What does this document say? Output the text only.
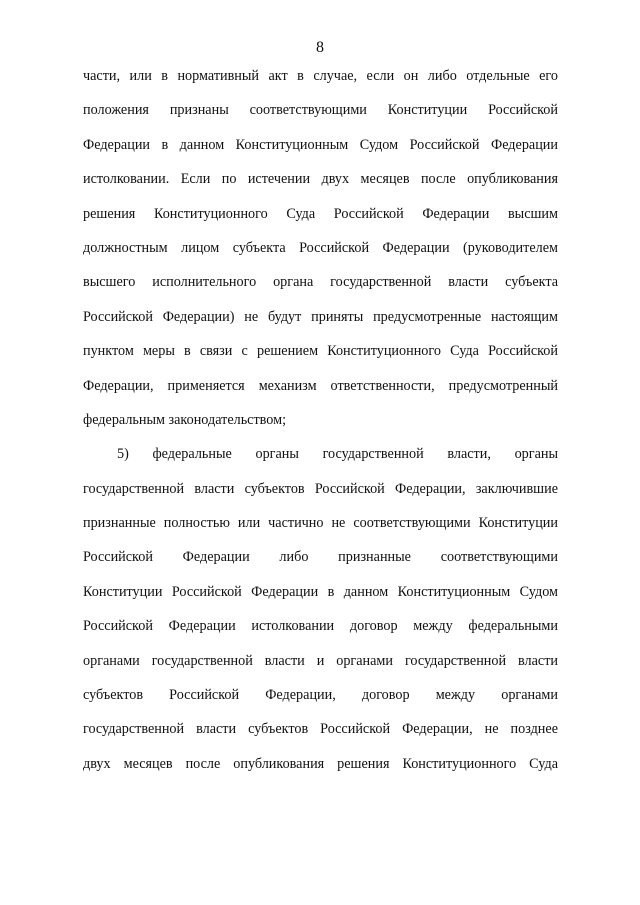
8
части, или в нормативный акт в случае, если он либо отдельные его
положения признаны соответствующими Конституции Российской
Федерации в данном Конституционным Судом Российской Федерации
истолковании. Если по истечении двух месяцев после опубликования
решения Конституционного Суда Российской Федерации высшим
должностным лицом субъекта Российской Федерации (руководителем
высшего исполнительного органа государственной власти субъекта
Российской Федерации) не будут приняты предусмотренные настоящим
пунктом меры в связи с решением Конституционного Суда Российской
Федерации, применяется механизм ответственности, предусмотренный
федеральным законодательством;
5) федеральные органы государственной власти, органы
государственной власти субъектов Российской Федерации, заключившие
признанные полностью или частично не соответствующими Конституции
Российской Федерации либо признанные соответствующими
Конституции Российской Федерации в данном Конституционным Судом
Российской Федерации истолковании договор между федеральными
органами государственной власти и органами государственной власти
субъектов Российской Федерации, договор между органами
государственной власти субъектов Российской Федерации, не позднее
двух месяцев после опубликования решения Конституционного Суда
